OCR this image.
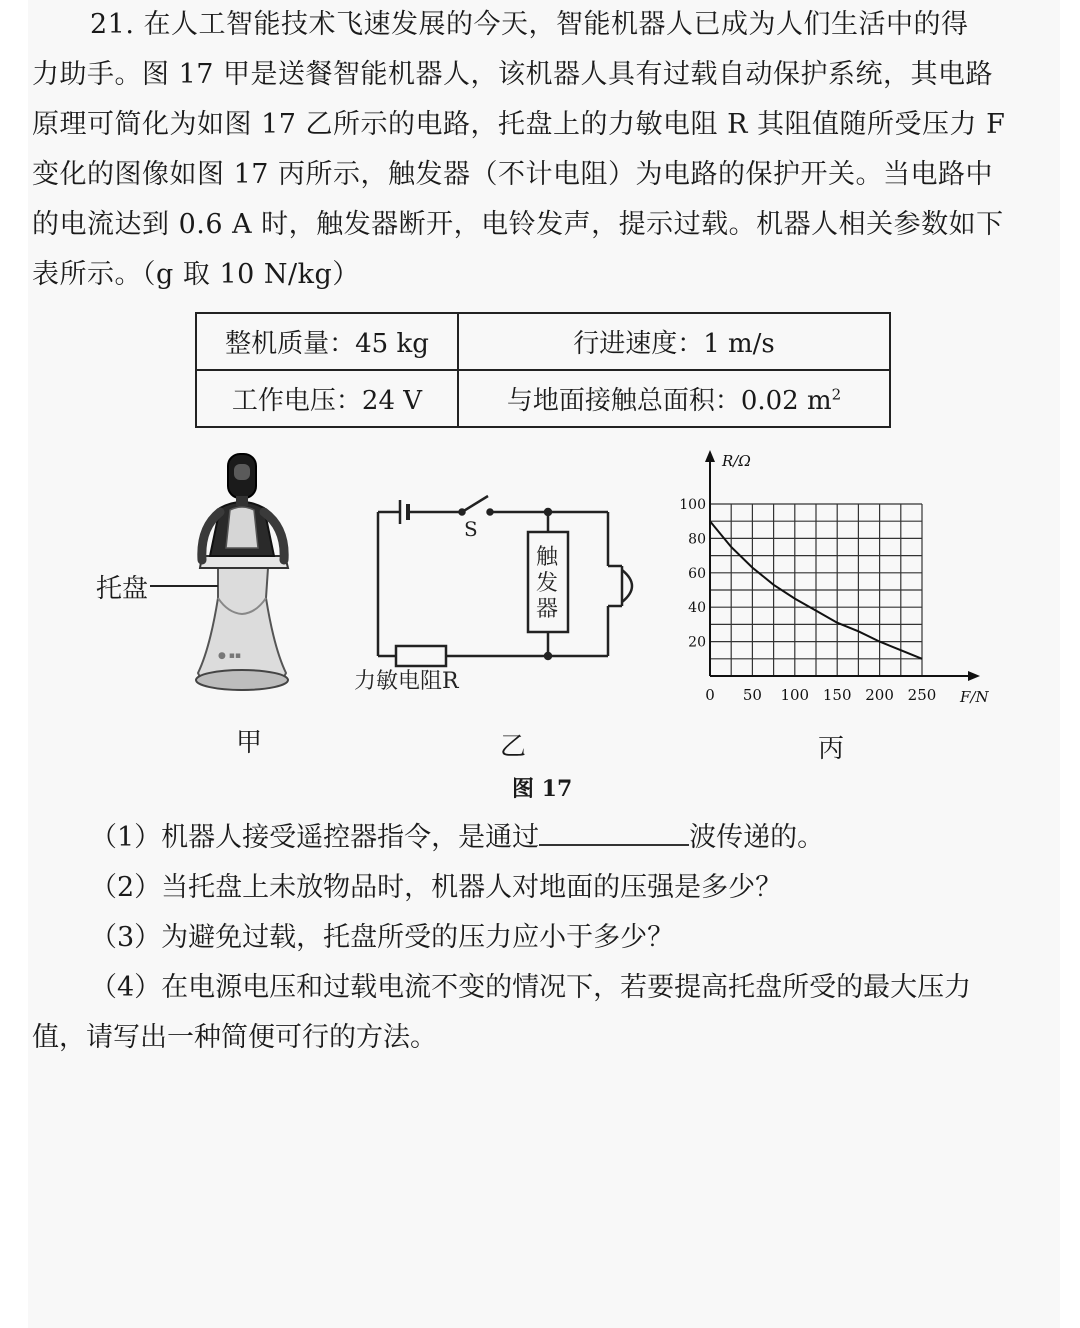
21. 在人工智能技术飞速发展的今天，智能机器人已成为人们生活中的得
力助手。图 17 甲是送餐智能机器人，该机器人具有过载自动保护系统，其电路
原理可简化为如图 17 乙所示的电路，托盘上的力敏电阻 R 其阻值随所受压力 F
变化的图像如图 17 丙所示，触发器（不计电阻）为电路的保护开关。当电路中
的电流达到 0.6 A 时，触发器断开，电铃发声，提示过载。机器人相关参数如下
表所示。（g 取 10 N/kg）
整机质量：45 kg	行进速度：1 m/s
工作电压：24 V	与地面接触总面积：0.02 $m^2$
● ▪▪
托盘
甲
S
触
发
器
力敏电阻R
乙
R/Ω
F/N
0 50 100 150 200 250
20
40
60
80
100
丙
图 17
（1）机器人接受遥控器指令，是通过	波传递的。
（2）当托盘上未放物品时，机器人对地面的压强是多少？
（3）为避免过载，托盘所受的压力应小于多少？
（4）在电源电压和过载电流不变的情况下，若要提高托盘所受的最大压力
值，请写出一种简便可行的方法。
